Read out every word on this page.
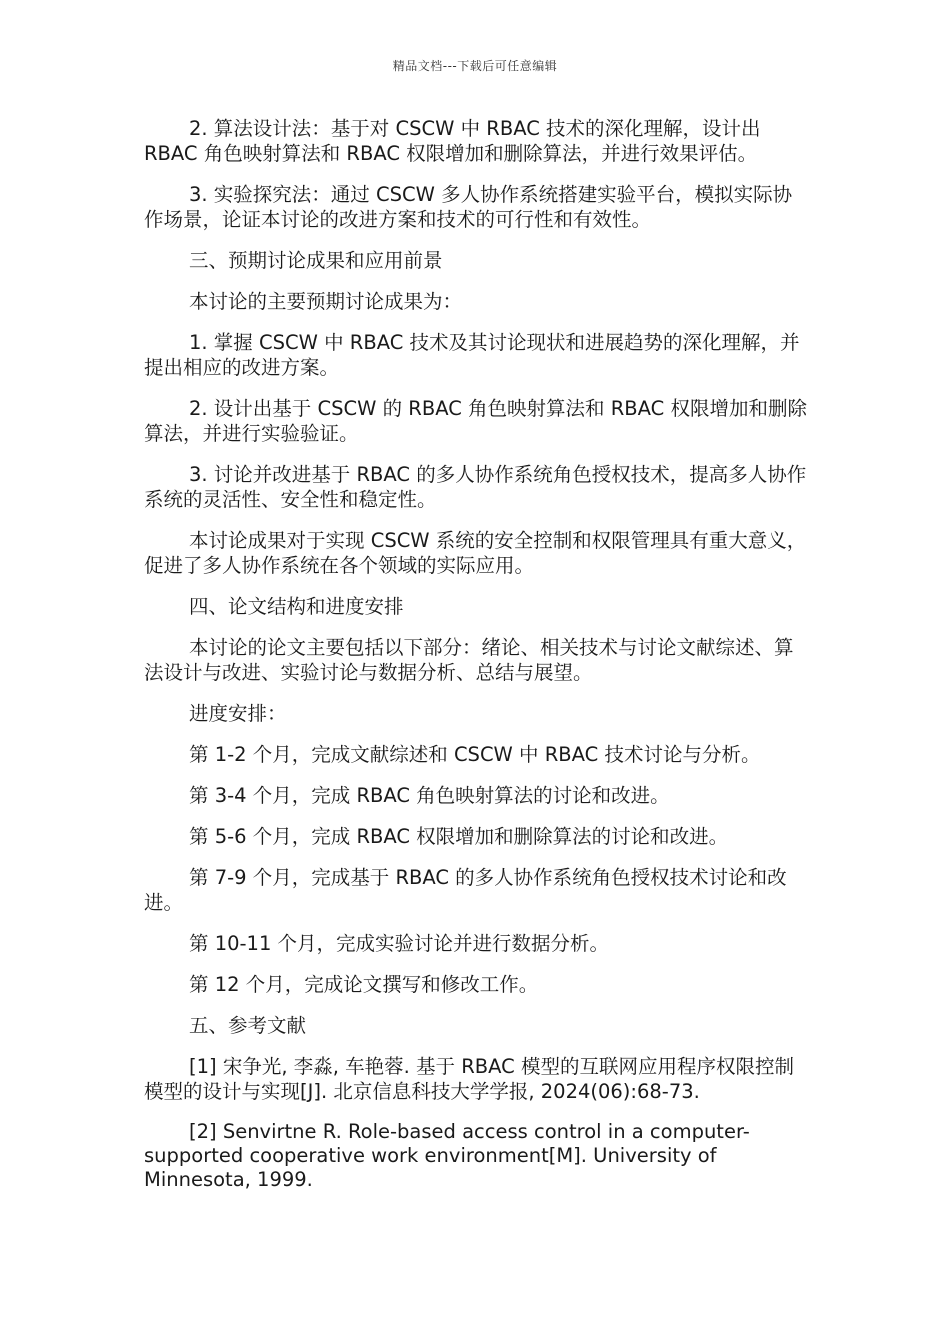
精品文档---下载后可任意编辑

2. 算法设计法：基于对 CSCW 中 RBAC 技术的深化理解，设计出 RBAC 角色映射算法和 RBAC 权限增加和删除算法，并进行效果评估。

3. 实验探究法：通过 CSCW 多人协作系统搭建实验平台，模拟实际协作场景，论证本讨论的改进方案和技术的可行性和有效性。

三、预期讨论成果和应用前景

本讨论的主要预期讨论成果为：

1. 掌握 CSCW 中 RBAC 技术及其讨论现状和进展趋势的深化理解，并提出相应的改进方案。

2. 设计出基于 CSCW 的 RBAC 角色映射算法和 RBAC 权限增加和删除算法，并进行实验验证。

3. 讨论并改进基于 RBAC 的多人协作系统角色授权技术，提高多人协作系统的灵活性、安全性和稳定性。

本讨论成果对于实现 CSCW 系统的安全控制和权限管理具有重大意义，促进了多人协作系统在各个领域的实际应用。

四、论文结构和进度安排

本讨论的论文主要包括以下部分：绪论、相关技术与讨论文献综述、算法设计与改进、实验讨论与数据分析、总结与展望。

进度安排：

第 1-2 个月，完成文献综述和 CSCW 中 RBAC 技术讨论与分析。

第 3-4 个月，完成 RBAC 角色映射算法的讨论和改进。

第 5-6 个月，完成 RBAC 权限增加和删除算法的讨论和改进。

第 7-9 个月，完成基于 RBAC 的多人协作系统角色授权技术讨论和改进。

第 10-11 个月，完成实验讨论并进行数据分析。

第 12 个月，完成论文撰写和修改工作。

五、参考文献

[1] 宋争光, 李淼, 车艳蓉. 基于 RBAC 模型的互联网应用程序权限控制模型的设计与实现[J]. 北京信息科技大学学报, 2024(06):68-73.

[2] Senvirtne R. Role-based access control in a computer-supported cooperative work environment[M]. University of Minnesota, 1999.
